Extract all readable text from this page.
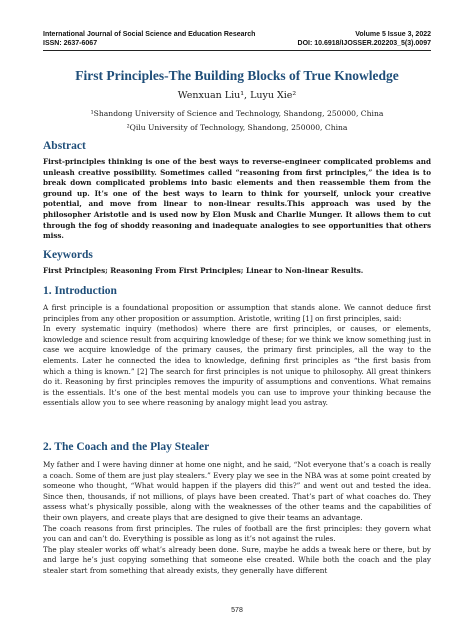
International Journal of Social Science and Education Research	Volume 5 Issue 3, 2022
ISSN: 2637-6067	DOI: 10.6918/IJOSSER.202203_5(3).0097
First Principles-The Building Blocks of True Knowledge
Wenxuan Liu¹, Luyu Xie²
¹Shandong University of Science and Technology, Shandong, 250000, China
²Qilu University of Technology, Shandong, 250000, China
Abstract
First-principles thinking is one of the best ways to reverse-engineer complicated problems and unleash creative possibility. Sometimes called “reasoning from first principles,” the idea is to break down complicated problems into basic elements and then reassemble them from the ground up. It’s one of the best ways to learn to think for yourself, unlock your creative potential, and move from linear to non-linear results.This approach was used by the philosopher Aristotle and is used now by Elon Musk and Charlie Munger. It allows them to cut through the fog of shoddy reasoning and inadequate analogies to see opportunities that others miss.
Keywords
First Principles; Reasoning From First Principles; Linear to Non-linear Results.
1. Introduction

A first principle is a foundational proposition or assumption that stands alone. We cannot deduce first principles from any other proposition or assumption. Aristotle, writing [1] on first principles, said:

In every systematic inquiry (methodos) where there are first principles, or causes, or elements, knowledge and science result from acquiring knowledge of these; for we think we know something just in case we acquire knowledge of the primary causes, the primary first principles, all the way to the elements. Later he connected the idea to knowledge, defining first principles as “the first basis from which a thing is known.” [2] The search for first principles is not unique to philosophy. All great thinkers do it. Reasoning by first principles removes the impurity of assumptions and conventions. What remains is the essentials. It’s one of the best mental models you can use to improve your thinking because the essentials allow you to see where reasoning by analogy might lead you astray.

2. The Coach and the Play Stealer

My father and I were having dinner at home one night, and he said, “Not everyone that’s a coach is really a coach. Some of them are just play stealers.” Every play we see in the NBA was at some point created by someone who thought, “What would happen if the players did this?” and went out and tested the idea. Since then, thousands, if not millions, of plays have been created. That’s part of what coaches do. They assess what’s physically possible, along with the weaknesses of the other teams and the capabilities of their own players, and create plays that are designed to give their teams an advantage.

The coach reasons from first principles. The rules of football are the first principles: they govern what you can and can’t do. Everything is possible as long as it’s not against the rules.

The play stealer works off what’s already been done. Sure, maybe he adds a tweak here or there, but by and large he’s just copying something that someone else created. While both the coach and the play stealer start from something that already exists, they generally have different

578
